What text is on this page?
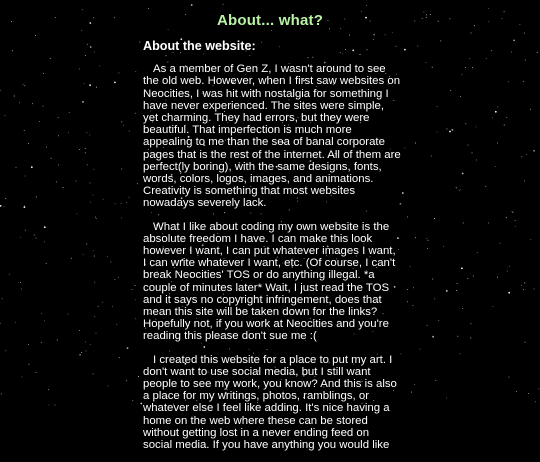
About... what?
About the website:

As a member of Gen Z, I wasn't around to see the old web. However, when I first saw websites on Neocities, I was hit with nostalgia for something I have never experienced. The sites were simple, yet charming. They had errors, but they were beautiful. That imperfection is much more appealing to me than the sea of banal corporate pages that is the rest of the internet. All of them are perfect(ly boring), with the same designs, fonts, words, colors, logos, images, and animations. Creativity is something that most websites nowadays severely lack.

What I like about coding my own website is the absolute freedom I have. I can make this look however I want, I can put whatever images I want, I can write whatever I want, etc. (Of course, I can't break Neocities' TOS or do anything illegal. *a couple of minutes later* Wait, I just read the TOS and it says no copyright infringement, does that mean this site will be taken down for the links? Hopefully not, if you work at Neocities and you're reading this please don't sue me :(

I created this website for a place to put my art. I don't want to use social media, but I still want people to see my work, you know? And this is also a place for my writings, photos, ramblings, or whatever else I feel like adding. It's nice having a home on the web where these can be stored without getting lost in a never ending feed on social media. If you have anything you would like
